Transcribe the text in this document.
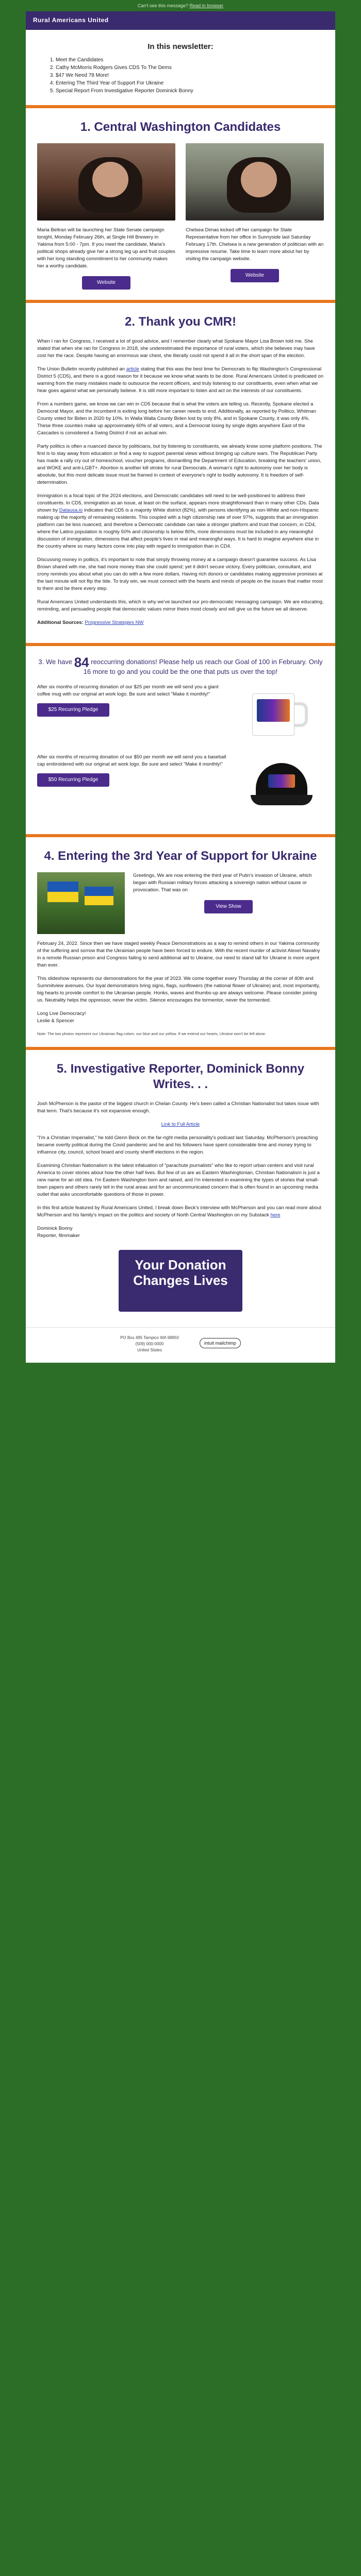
Can't see this message? Read in browser
Rural Americans United
In this newsletter:
1. Meet the Candidates
2. Cathy McMorris Rodgers Gives CDS To The Dems
3. $47 We Need 78 More!
4. Entering The Third Year of Support For Ukraine
5. Special Report From Investigative Reporter Dominick Bonny
1. Central Washington Candidates

Maria Beltran will be launching her State Senate campaign tonight, Monday February 26th, at Single Hill Brewery in Yakima from 5:00 - 7pm. If you meet the candidate, Maria's political shops already give her a strong leg up and fruit couples with her long standing commitment to her community makes her a worthy candidate.

Website

Chelsea Dimas kicked off her campaign for State Representative from her office in Sunnyside last Saturday February 17th. Chelsea is a new generation of politician with an impressive resume. Take time to learn more about her by visiting the campaign website.

Website
2. Thank you CMR!

When I ran for Congress, I received a lot of good advice, and I remember clearly what Spokane Mayor Lisa Brown told me. She stated that when she ran for Congress in 2018, she underestimated the importance of rural voters, which she believes may have cost her the race. Despite having an enormous war chest, she literally could not spend it all in the short span of the election.

The Union Bulletin recently published an article stating that this was the best time for Democrats to flip Washington's Congressional District 5 (CD5), and there is a good reason for it because we know what wants to be done. Rural Americans United is predicated on warning from the many mistakes made to outsource the recent officers, and truly listening to our constituents, even when what we hear goes against what we personally believe. It is still more important to listen and act on the interests of our constituents.

From a numbers game, we know we can win in CD5 because that is what the voters are telling us. Recently, Spokane elected a Democrat Mayor, and the incumbent is exiting long before her career needs to end. Additionally, as reported by Politico, Whitman County voted for Biden in 2020 by 10%. In Walla Walla County Biden lost by only 8%, and in Spokane County, it was only 4%. These three counties make up approximately 60% of all voters, and a Democrat losing by single digits anywhere East of the Cascades is considered a Swing District if not an actual win.

Party politics is often a nuanced dance by politicians, but by listening to constituents, we already know some platform positions. The first is to stay away from education or find a way to support parental views without bringing up culture wars. The Republican Party has made a rally cry out of homeschool, voucher programs, dismantling the Department of Education, breaking the teachers' union, and WOKE and anti-LGBT+. Abortion is another kill stroke for rural Democrats. A woman's right to autonomy over her body is absolute, but this most delicate issue must be framed in context of everyone's right to bodily autonomy. It is freedom of self-determination.

Immigration is a focal topic of the 2024 elections, and Democratic candidates will need to be well-positioned to address their constituents. In CD5, immigration as an issue, at least on the surface, appears more straightforward than in many other CDs. Data shown by Datausa.io indicates that CD5 is a majority White district (82%), with persons identifying as non-White and non-Hispanic making up the majority of remaining residents. This coupled with a high citizenship rate of over 97%, suggests that an immigration platform can be less nuanced, and therefore a Democratic candidate can take a stronger platform and trust that concern, in CD4, where the Latino population is roughly 50% and citizenship is below 80%, more dimensions must be included in any meaningful discussion of immigration, dimensions that affect people's lives in real and meaningful ways. It is hard to imagine anywhere else in the country where so many factors come into play with regard to immigration than in CD4.

Discussing money in politics, it's important to note that simply throwing money at a campaign doesn't guarantee success. As Lisa Brown shared with me, she had more money than she could spend; yet it didn't secure victory. Every politician, consultant, and crony reminds you about what you can do with a few more dollars. Having rich donors or candidates making aggressive promises at the last minute will not flip the tide. To truly win, we must connect with the hearts and minds of people on the issues that matter most to them and be there every step.

Rural Americans United understands this, which is why we've launched our pro-democratic messaging campaign. We are educating, reminding, and persuading people that democratic values mirror theirs most closely and will give us the future we all deserve.

Additional Sources: Progressive Strategies NW

3. We have 84 reoccurring donations! Please help us reach our Goal of 100 in February. Only 16 more to go and you could be the one that puts us over the top!

After six months of recurring donation of our $25 per month we will send you a giant coffee mug with our original art work logo. Be sure and select "Make it monthly!"

$25 Recurring Pledge

After six months of recurring donation of our $50 per month we will send you a baseball cap embroidered with our original art work logo. Be sure and select "Make it monthly!"

$50 Recurring Pledge
4. Entering the 3rd Year of Support for Ukraine

Greetings, We are now entering the third year of Putin's invasion of Ukraine, which began with Russian military forces attacking a sovereign nation without cause or provocation. That was on

View Show

February 24, 2022. Since then we have staged weekly Peace Demonstrations as a way to remind others in our Yakima community of the suffering and sorrow that the Ukrainian people have been forced to endure. With the recent murder of activist Alexei Navalny in a remote Russian prison and Congress failing to send additional aid to Ukraine, our need to stand tall for Ukraine is more urgent than ever.

This slideshow represents our demonstrations for the year of 2023. We come together every Thursday at the corner of 40th and Summitview avenues. Our loyal demonstrators bring signs, flags, sunflowers (the national flower of Ukraine) and, most importantly, big hearts to provide comfort to the Ukrainian people. Honks, waves and thumbs-up are always welcome. Please consider joining us. Neutrality helps the oppressor, never the victim. Silence encourages the tormentor, never the tormented.

Long Live Democracy!

Leslie & Spencer

Note: The two photos represent our Ukrainian flag colors: our blue and our yellow. If we extend our hearts, Ukraine won't be left alone.

5. Investigative Reporter, Dominick Bonny Writes. . .

Josh McPherson is the pastor of the biggest church in Chelan County. He's been called a Christian Nationalist but takes issue with that term. That's because it's not expansive enough.

Link to Full Article

"I'm a Christian Imperialist," he told Glenn Beck on the far-right media personality's podcast last Saturday. McPherson's preaching became overtly political during the Covid pandemic and he and his followers have spent considerable time and money trying to influence city, council, school board and county sheriff elections in the region.

Examining Christian Nationalism is the latest infatuation of "parachute journalists" who like to report urban centers and visit rural America to cover stories about how the other half lives. But few of us are as Eastern Washingtonian, Christian Nationalism is just a new name for an old idea. I'm Eastern Washington born and raised, and I'm interested in examining the types of stories that small-town papers and others rarely tell in the rural areas and for an uncommunicated concern that is often found in an upcoming media outlet that asks uncomfortable questions of those in power.

In this first article featured by Rural Americans United, I break down Beck's interview with McPherson and you can read more about McPherson and his family's impact on the politics and society of North Central Washington on my Substack here

Dominick Bonny

Reporter, filmmaker

Your Donation Changes Lives
PO Box 495 Tampico WA 98950
(509) 000-0000
United States
intuit mailchimp
